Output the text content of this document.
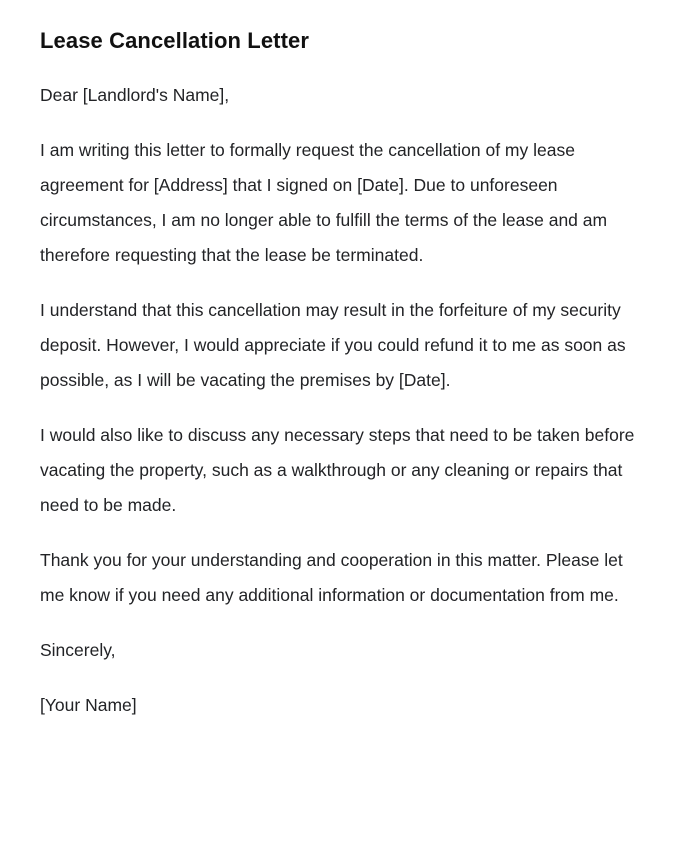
Lease Cancellation Letter

Dear [Landlord's Name],

I am writing this letter to formally request the cancellation of my lease agreement for [Address] that I signed on [Date]. Due to unforeseen circumstances, I am no longer able to fulfill the terms of the lease and am therefore requesting that the lease be terminated.

I understand that this cancellation may result in the forfeiture of my security deposit. However, I would appreciate if you could refund it to me as soon as possible, as I will be vacating the premises by [Date].

I would also like to discuss any necessary steps that need to be taken before vacating the property, such as a walkthrough or any cleaning or repairs that need to be made.

Thank you for your understanding and cooperation in this matter. Please let me know if you need any additional information or documentation from me.

Sincerely,

[Your Name]
